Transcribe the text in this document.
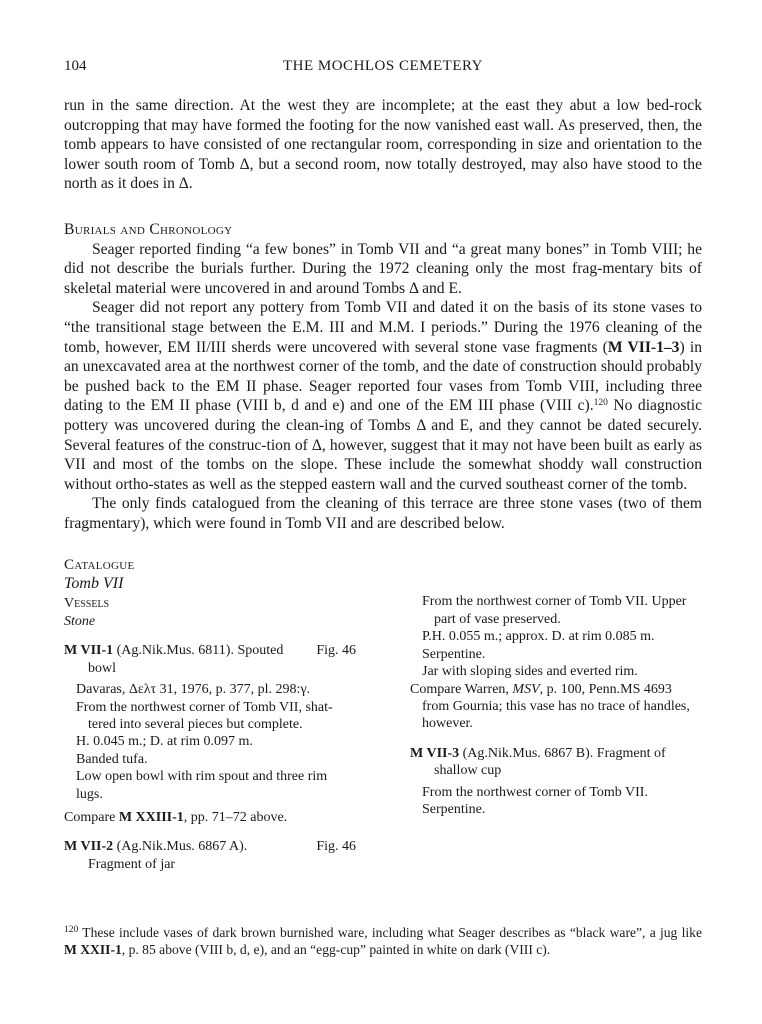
104	THE MOCHLOS CEMETERY

run in the same direction. At the west they are incomplete; at the east they abut a low bed-rock outcropping that may have formed the footing for the now vanished east wall. As preserved, then, the tomb appears to have consisted of one rectangular room, corresponding in size and orientation to the lower south room of Tomb Δ, but a second room, now totally destroyed, may also have stood to the north as it does in Δ.

Burials and Chronology

Seager reported finding “a few bones” in Tomb VII and “a great many bones” in Tomb VIII; he did not describe the burials further. During the 1972 cleaning only the most frag-mentary bits of skeletal material were uncovered in and around Tombs Δ and E.

Seager did not report any pottery from Tomb VII and dated it on the basis of its stone vases to “the transitional stage between the E.M. III and M.M. I periods.” During the 1976 cleaning of the tomb, however, EM II/III sherds were uncovered with several stone vase fragments (M VII-1–3) in an unexcavated area at the northwest corner of the tomb, and the date of construction should probably be pushed back to the EM II phase. Seager reported four vases from Tomb VIII, including three dating to the EM II phase (VIII b, d and e) and one of the EM III phase (VIII c).$^{120}$ No diagnostic pottery was uncovered during the clean-ing of Tombs Δ and E, and they cannot be dated securely. Several features of the construc-tion of Δ, however, suggest that it may not have been built as early as VII and most of the tombs on the slope. These include the somewhat shoddy wall construction without ortho-states as well as the stepped eastern wall and the curved southeast corner of the tomb.

The only finds catalogued from the cleaning of this terrace are three stone vases (two of them fragmentary), which were found in Tomb VII and are described below.

Catalogue
Tomb VII

Vessels

Stone

M VII-1 (Ag.Nik.Mus. 6811). Spouted Fig. 46

bowl

Davaras, Δελτ 31, 1976, p. 377, pl. 298:γ.

From the northwest corner of Tomb VII, shat-tered into several pieces but complete.

H. 0.045 m.; D. at rim 0.097 m.

Banded tufa.

Low open bowl with rim spout and three rim lugs.

Compare M XXIII-1, pp. 71–72 above.

M VII-2 (Ag.Nik.Mus. 6867 A).	Fig. 46

Fragment of jar

From the northwest corner of Tomb VII. Upper part of vase preserved.

P.H. 0.055 m.; approx. D. at rim 0.085 m.

Serpentine.

Jar with sloping sides and everted rim.

Compare Warren, MSV, p. 100, Penn.MS 4693 from Gournia; this vase has no trace of handles, however.

M VII-3 (Ag.Nik.Mus. 6867 B). Fragment of

shallow cup

From the northwest corner of Tomb VII.

Serpentine.

$^{120}$ These include vases of dark brown burnished ware, including what Seager describes as “black ware”, a jug like M XXII-1, p. 85 above (VIII b, d, e), and an “egg-cup” painted in white on dark (VIII c).
